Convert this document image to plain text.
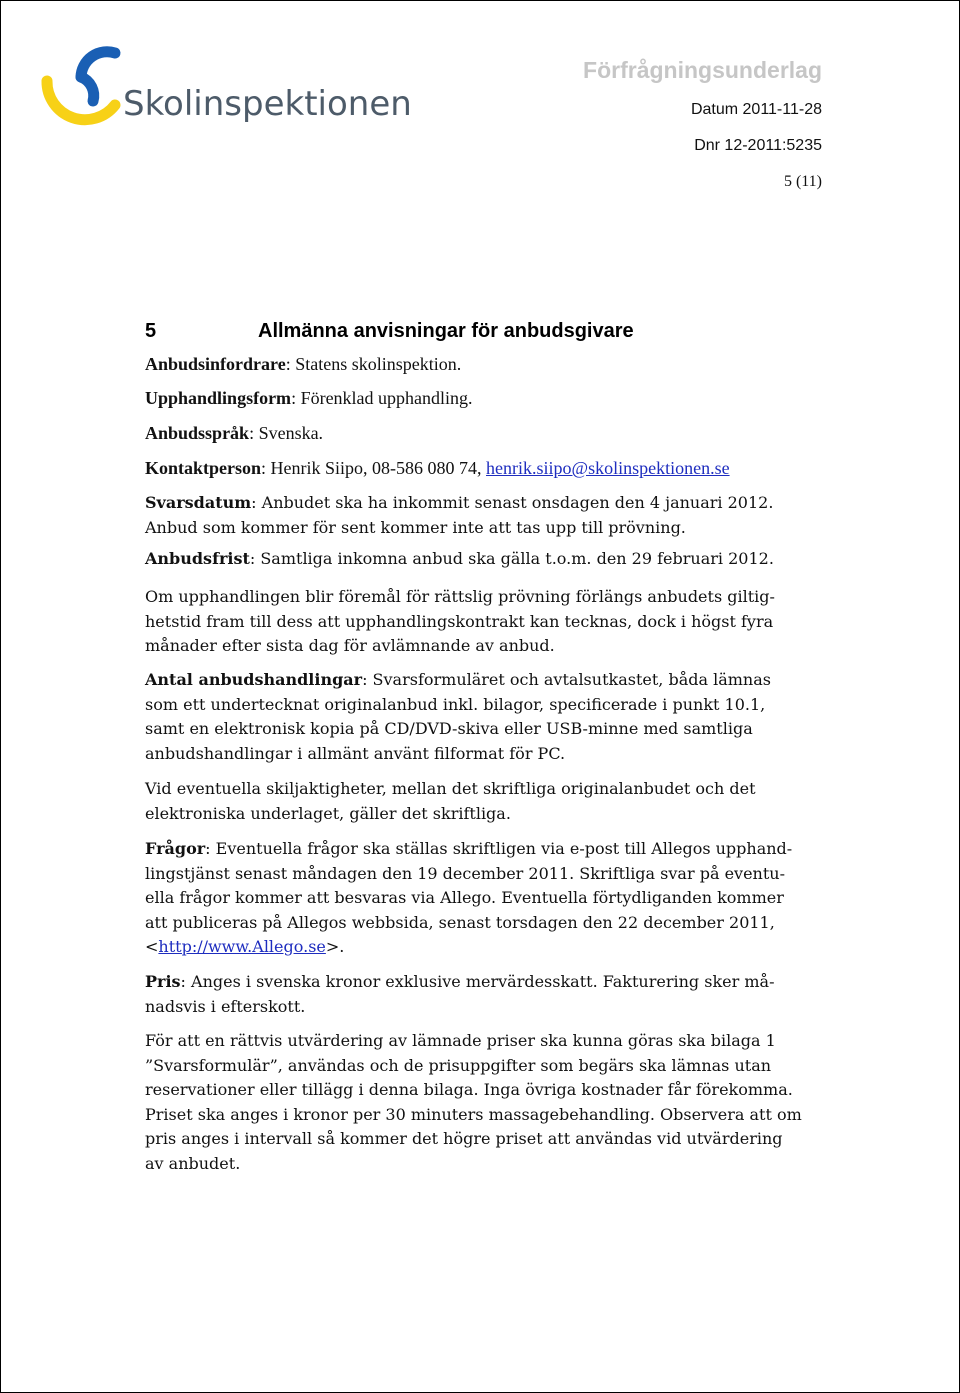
Skolinspektionen
Förfrågningsunderlag
Datum 2011-11-28
Dnr 12-2011:5235
5 (11)
5	Allmänna anvisningar för anbudsgivare
Anbudsinfordrare: Statens skolinspektion.
Upphandlingsform: Förenklad upphandling.
Anbudsspråk: Svenska.
Kontaktperson: Henrik Siipo, 08-586 080 74, henrik.siipo@skolinspektionen.se
Svarsdatum: Anbudet ska ha inkommit senast onsdagen den 4 januari 2012.
Anbud som kommer för sent kommer inte att tas upp till prövning.
Anbudsfrist: Samtliga inkomna anbud ska gälla t.o.m. den 29 februari 2012.
Om upphandlingen blir föremål för rättslig prövning förlängs anbudets giltig-
hetstid fram till dess att upphandlingskontrakt kan tecknas, dock i högst fyra
månader efter sista dag för avlämnande av anbud.
Antal anbudshandlingar: Svarsformuläret och avtalsutkastet, båda lämnas
som ett undertecknat originalanbud inkl. bilagor, specificerade i punkt 10.1,
samt en elektronisk kopia på CD/DVD-skiva eller USB-minne med samtliga
anbudshandlingar i allmänt använt filformat för PC.
Vid eventuella skiljaktigheter, mellan det skriftliga originalanbudet och det
elektroniska underlaget, gäller det skriftliga.
Frågor: Eventuella frågor ska ställas skriftligen via e-post till Allegos upphand-
lingstjänst senast måndagen den 19 december 2011. Skriftliga svar på eventu-
ella frågor kommer att besvaras via Allego. Eventuella förtydliganden kommer
att publiceras på Allegos webbsida, senast torsdagen den 22 december 2011,
<http://www.Allego.se>.
Pris: Anges i svenska kronor exklusive mervärdesskatt. Fakturering sker må-
nadsvis i efterskott.
För att en rättvis utvärdering av lämnade priser ska kunna göras ska bilaga 1
”Svarsformulär”, användas och de prisuppgifter som begärs ska lämnas utan
reservationer eller tillägg i denna bilaga. Inga övriga kostnader får förekomma.
Priset ska anges i kronor per 30 minuters massagebehandling. Observera att om
pris anges i intervall så kommer det högre priset att användas vid utvärdering
av anbudet.
